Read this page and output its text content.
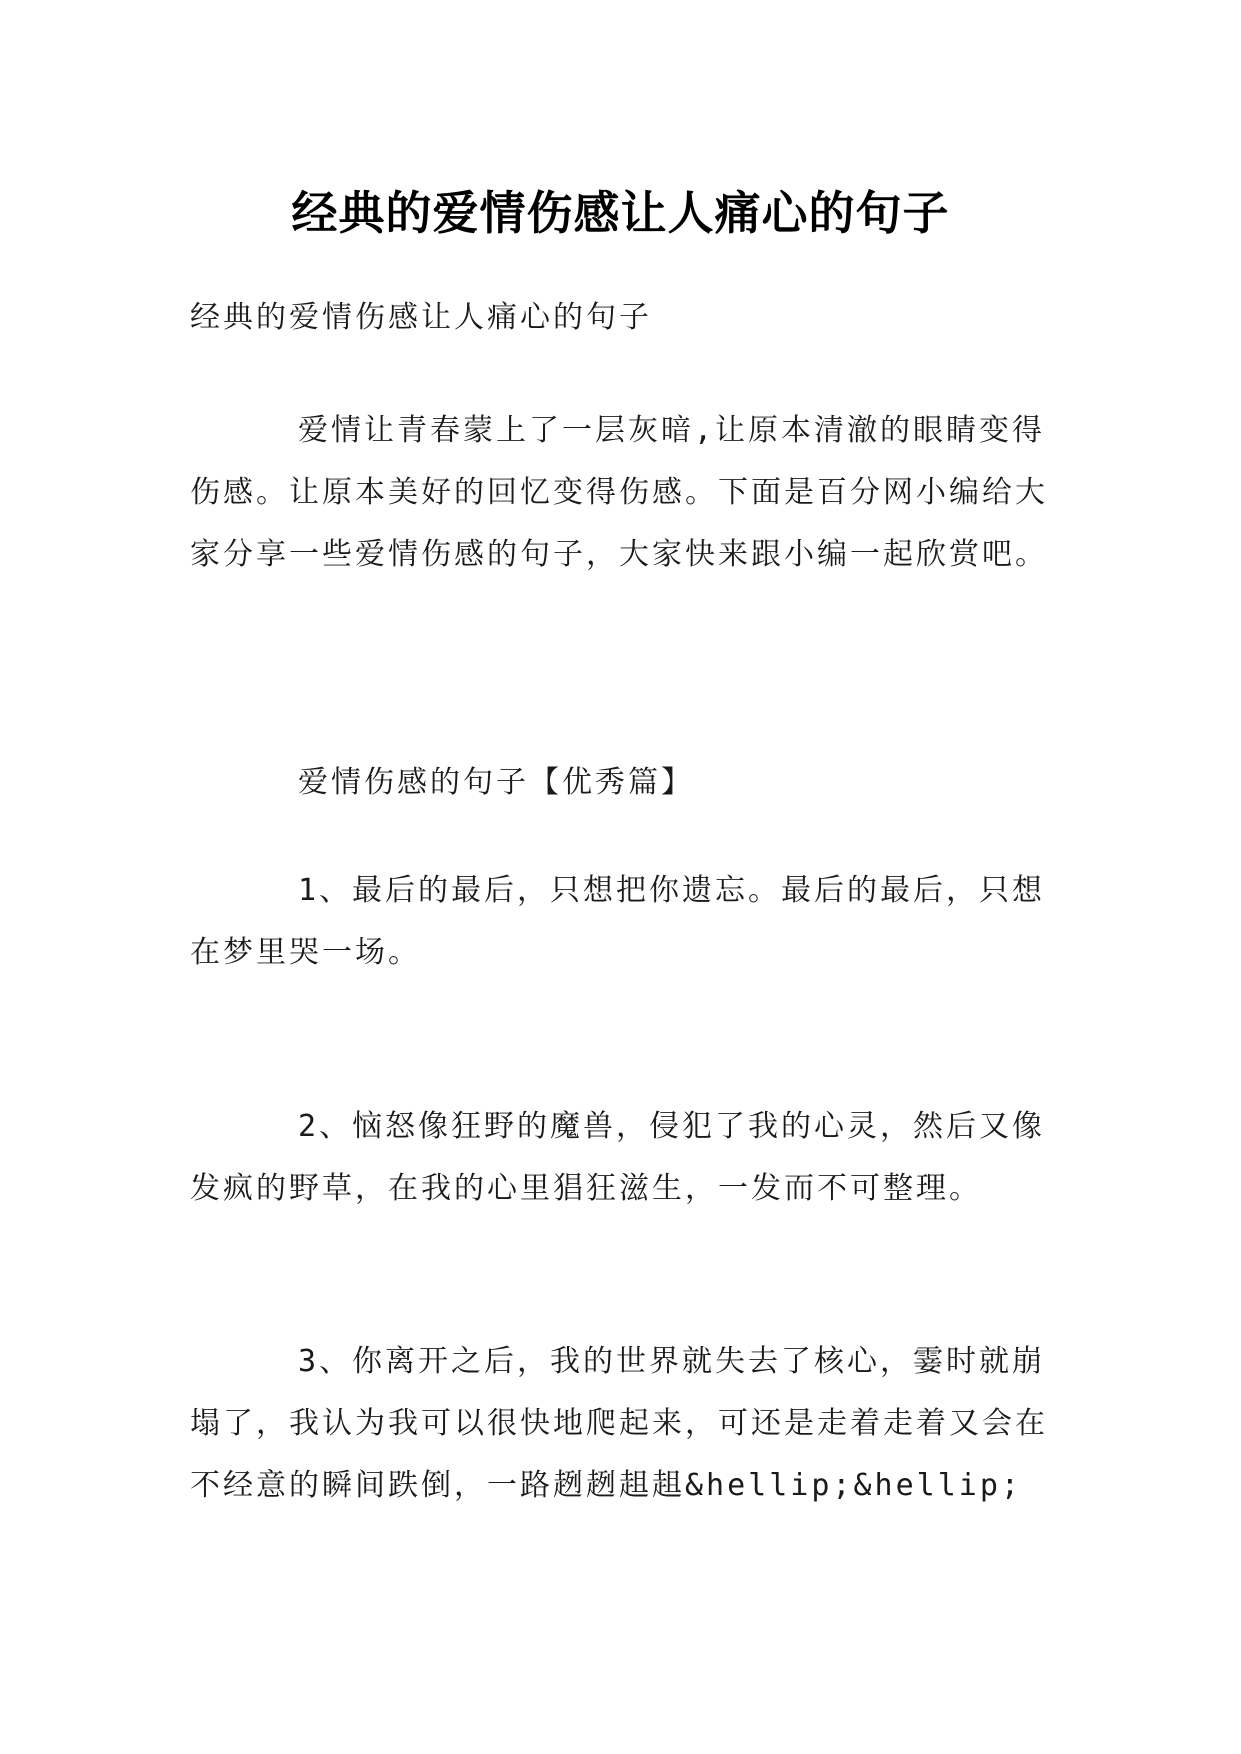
经典的爱情伤感让人痛心的句子

经典的爱情伤感让人痛心的句子

爱情让青春蒙上了一层灰暗,让原本清澈的眼睛变得伤感。让原本美好的回忆变得伤感。下面是百分网小编给大家分享一些爱情伤感的句子，大家快来跟小编一起欣赏吧。

爱情伤感的句子【优秀篇】

1、最后的最后，只想把你遗忘。最后的最后，只想在梦里哭一场。

2、恼怒像狂野的魔兽，侵犯了我的心灵，然后又像发疯的野草，在我的心里猖狂滋生，一发而不可整理。

3、你离开之后，我的世界就失去了核心，霎时就崩塌了，我认为我可以很快地爬起来，可还是走着走着又会在不经意的瞬间跌倒，一路趔趔趄趄&hellip;&hellip;
